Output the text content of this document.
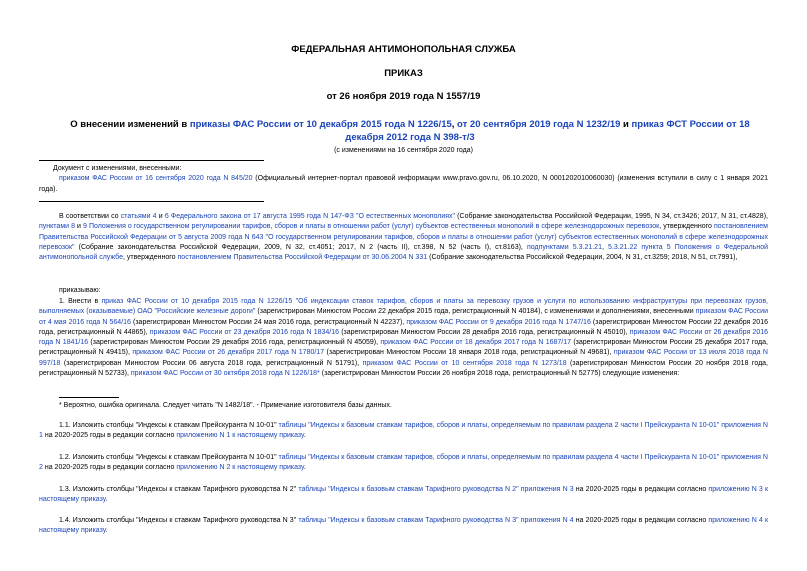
ФЕДЕРАЛЬНАЯ АНТИМОНОПОЛЬНАЯ СЛУЖБА
ПРИКАЗ
от 26 ноября 2019 года N 1557/19
О внесении изменений в приказы ФАС России от 10 декабря 2015 года N 1226/15, от 20 сентября 2019 года N 1232/19 и приказ ФСТ России от 18 декабря 2012 года N 398-т/3
(с изменениями на 16 сентября 2020 года)
Документ с изменениями, внесенными:
приказом ФАС России от 16 сентября 2020 года N 845/20 (Официальный интернет-портал правовой информации www.pravo.gov.ru, 06.10.2020, N 0001202010060030) (изменения вступили в силу с 1 января 2021 года).
В соответствии со статьями 4 и 6 Федерального закона от 17 августа 1995 года N 147-ФЗ "О естественных монополиях" (Собрание законодательства Российской Федерации, 1995, N 34, ст.3426; 2017, N 31, ст.4828), пунктами 8 и 9 Положения о государственном регулировании тарифов, сборов и платы в отношении работ (услуг) субъектов естественных монополий в сфере железнодорожных перевозок, утвержденного постановлением Правительства Российской Федерации от 5 августа 2009 года N 643 "О государственном регулировании тарифов, сборов и платы в отношении работ (услуг) субъектов естественных монополий в сфере железнодорожных перевозок" (Собрание законодательства Российской Федерации, 2009, N 32, ст.4051; 2017, N 2 (часть II), ст.398, N 52 (часть I), ст.8163), подпунктами 5.3.21.21, 5.3.21.22 пункта 5 Положения о Федеральной антимонопольной службе, утвержденного постановлением Правительства Российской Федерации от 30.06.2004 N 331 (Собрание законодательства Российской Федерации, 2004, N 31, ст.3259; 2018, N 51, ст.7991),
приказываю:
1. Внести в приказ ФАС России от 10 декабря 2015 года N 1226/15 "Об индексации ставок тарифов, сборов и платы за перевозку грузов и услуги по использованию инфраструктуры при перевозках грузов, выполняемых (оказываемые) ОАО "Российские железные дороги" (зарегистрирован Минюстом России 22 декабря 2015 года, регистрационный N 40184), с изменениями и дополнениями, внесенными приказом ФАС России от 4 мая 2016 года N 564/16 (зарегистрирован Минюстом России 24 мая 2016 года, регистрационный N 42237), приказом ФАС России от 9 декабря 2016 года N 1747/16 (зарегистрирован Минюстом России 22 декабря 2016 года, регистрационный N 44865), приказом ФАС России от 23 декабря 2016 года N 1834/16 (зарегистрирован Минюстом России 28 декабря 2016 года, регистрационный N 45010), приказом ФАС России от 26 декабря 2016 года N 1841/16 (зарегистрирован Минюстом России 29 декабря 2016 года, регистрационный N 45059), приказом ФАС России от 18 декабря 2017 года N 1687/17 (зарегистрирован Минюстом России 25 декабря 2017 года, регистрационный N 49415), приказом ФАС России от 26 декабря 2017 года N 1780/17 (зарегистрирован Минюстом России 18 января 2018 года, регистрационный N 49681), приказом ФАС России от 13 июля 2018 года N 997/18 (зарегистрирован Минюстом России 06 августа 2018 года, регистрационный N 51791), приказом ФАС России от 10 сентября 2018 года N 1273/18 (зарегистрирован Минюстом России 20 ноября 2018 года, регистрационный N 52733), приказом ФАС России от 30 октября 2018 года N 1226/18* (зарегистрирован Минюстом России 26 ноября 2018 года, регистрационный N 52775) следующие изменения:
* Вероятно, ошибка оригинала. Следует читать "N 1482/18". - Примечание изготовителя базы данных.
1.1. Изложить столбцы "Индексы к ставкам Прейскуранта N 10-01" таблицы "Индексы к базовым ставкам тарифов, сборов и платы, определяемым по правилам раздела 2 части I Прейскуранта N 10-01" приложения N 1 на 2020-2025 годы в редакции согласно приложению N 1 к настоящему приказу.
1.2. Изложить столбцы "Индексы к ставкам Прейскуранта N 10-01" таблицы "Индексы к базовым ставкам тарифов, сборов и платы, определяемым по правилам раздела 4 части I Прейскуранта N 10-01" приложения N 2 на 2020-2025 годы в редакции согласно приложению N 2 к настоящему приказу.
1.3. Изложить столбцы "Индексы к ставкам Тарифного руководства N 2" таблицы "Индексы к базовым ставкам Тарифного руководства N 2" приложения N 3 на 2020-2025 годы в редакции согласно приложению N 3 к настоящему приказу.
1.4. Изложить столбцы "Индексы к ставкам Тарифного руководства N 3" таблицы "Индексы к базовым ставкам Тарифного руководства N 3" приложения N 4 на 2020-2025 годы в редакции согласно приложению N 4 к настоящему приказу.
